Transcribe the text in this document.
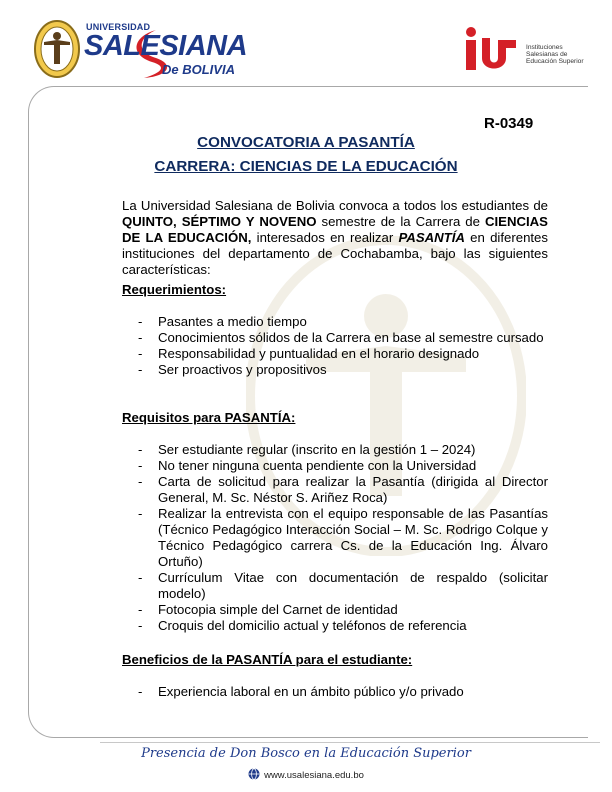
UNIVERSIDAD
SALESIANA
De BOLIVIA
Instituciones Salesianas de Educación Superior
R-0349
CONVOCATORIA A PASANTÍA
CARRERA: CIENCIAS DE LA EDUCACIÓN
La Universidad Salesiana de Bolivia convoca a todos los estudiantes de QUINTO, SÉPTIMO Y NOVENO semestre de la Carrera de CIENCIAS DE LA EDUCACIÓN, interesados en realizar PASANTÍA en diferentes instituciones del departamento de Cochabamba, bajo las siguientes características:
Requerimientos:
- Pasantes a medio tiempo
- Conocimientos sólidos de la Carrera en base al semestre cursado
- Responsabilidad y puntualidad en el horario designado
- Ser proactivos y propositivos
Requisitos para PASANTÍA:
- Ser estudiante regular (inscrito en la gestión 1 – 2024)
- No tener ninguna cuenta pendiente con la Universidad
- Carta de solicitud para realizar la Pasantía (dirigida al Director General, M. Sc. Néstor S. Ariñez Roca)
- Realizar la entrevista con el equipo responsable de las Pasantías (Técnico Pedagógico Interacción Social – M. Sc. Rodrigo Colque y Técnico Pedagógico carrera Cs. de la Educación Ing. Álvaro Ortuño)
- Currículum Vitae con documentación de respaldo (solicitar modelo)
- Fotocopia simple del Carnet de identidad
- Croquis del domicilio actual y teléfonos de referencia
Beneficios de la PASANTÍA para el estudiante:
- Experiencia laboral en un ámbito público y/o privado
Presencia de Don Bosco en la Educación Superior
www.usalesiana.edu.bo
